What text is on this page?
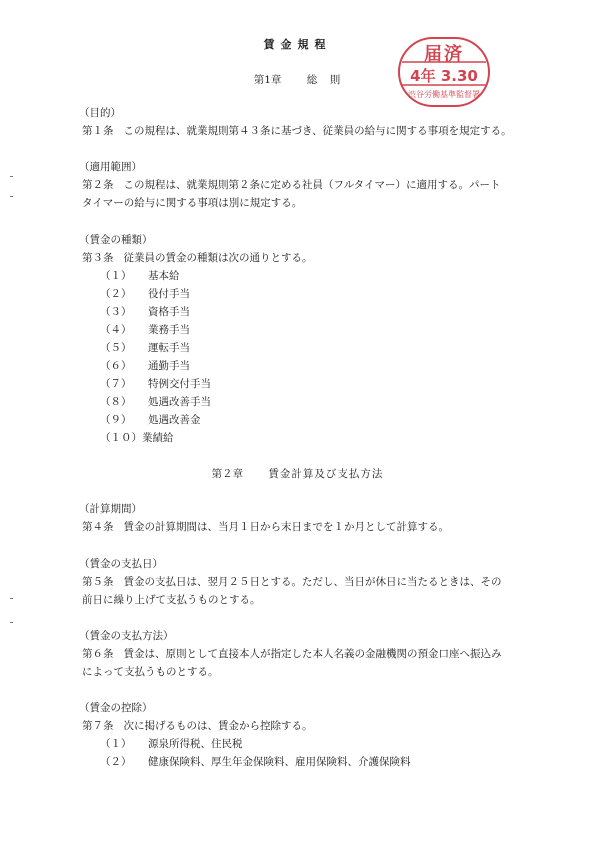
賃金規程	届済
4年 3.30
渋谷労働基準監督署
第1章 総　則
（目的）
第１条 この規程は、就業規則第４３条に基づき、従業員の給与に関する事項を規定する。
（適用範囲）
第２条 この規程は、就業規則第２条に定める社員（フルタイマー）に適用する。パート
タイマーの給与に関する事項は別に規定する。
（賃金の種類）
第３条 従業員の賃金の種類は次の通りとする。
（１） 基本給
（２） 役付手当
（３） 資格手当
（４） 業務手当
（５） 運転手当
（６） 通勤手当
（７） 特例交付手当
（８） 処遇改善手当
（９） 処遇改善金
（１０）業績給
第２章 賃金計算及び支払方法
（計算期間）
第４条 賃金の計算期間は、当月１日から末日までを１か月として計算する。
（賃金の支払日）
第５条 賃金の支払日は、翌月２５日とする。ただし、当日が休日に当たるときは、その
前日に繰り上げて支払うものとする。
（賃金の支払方法）
第６条 賃金は、原則として直接本人が指定した本人名義の金融機関の預金口座へ振込み
によって支払うものとする。
（賃金の控除）
第７条 次に掲げるものは、賃金から控除する。
（１） 源泉所得税、住民税
（２） 健康保険料、厚生年金保険料、雇用保険料、介護保険料
